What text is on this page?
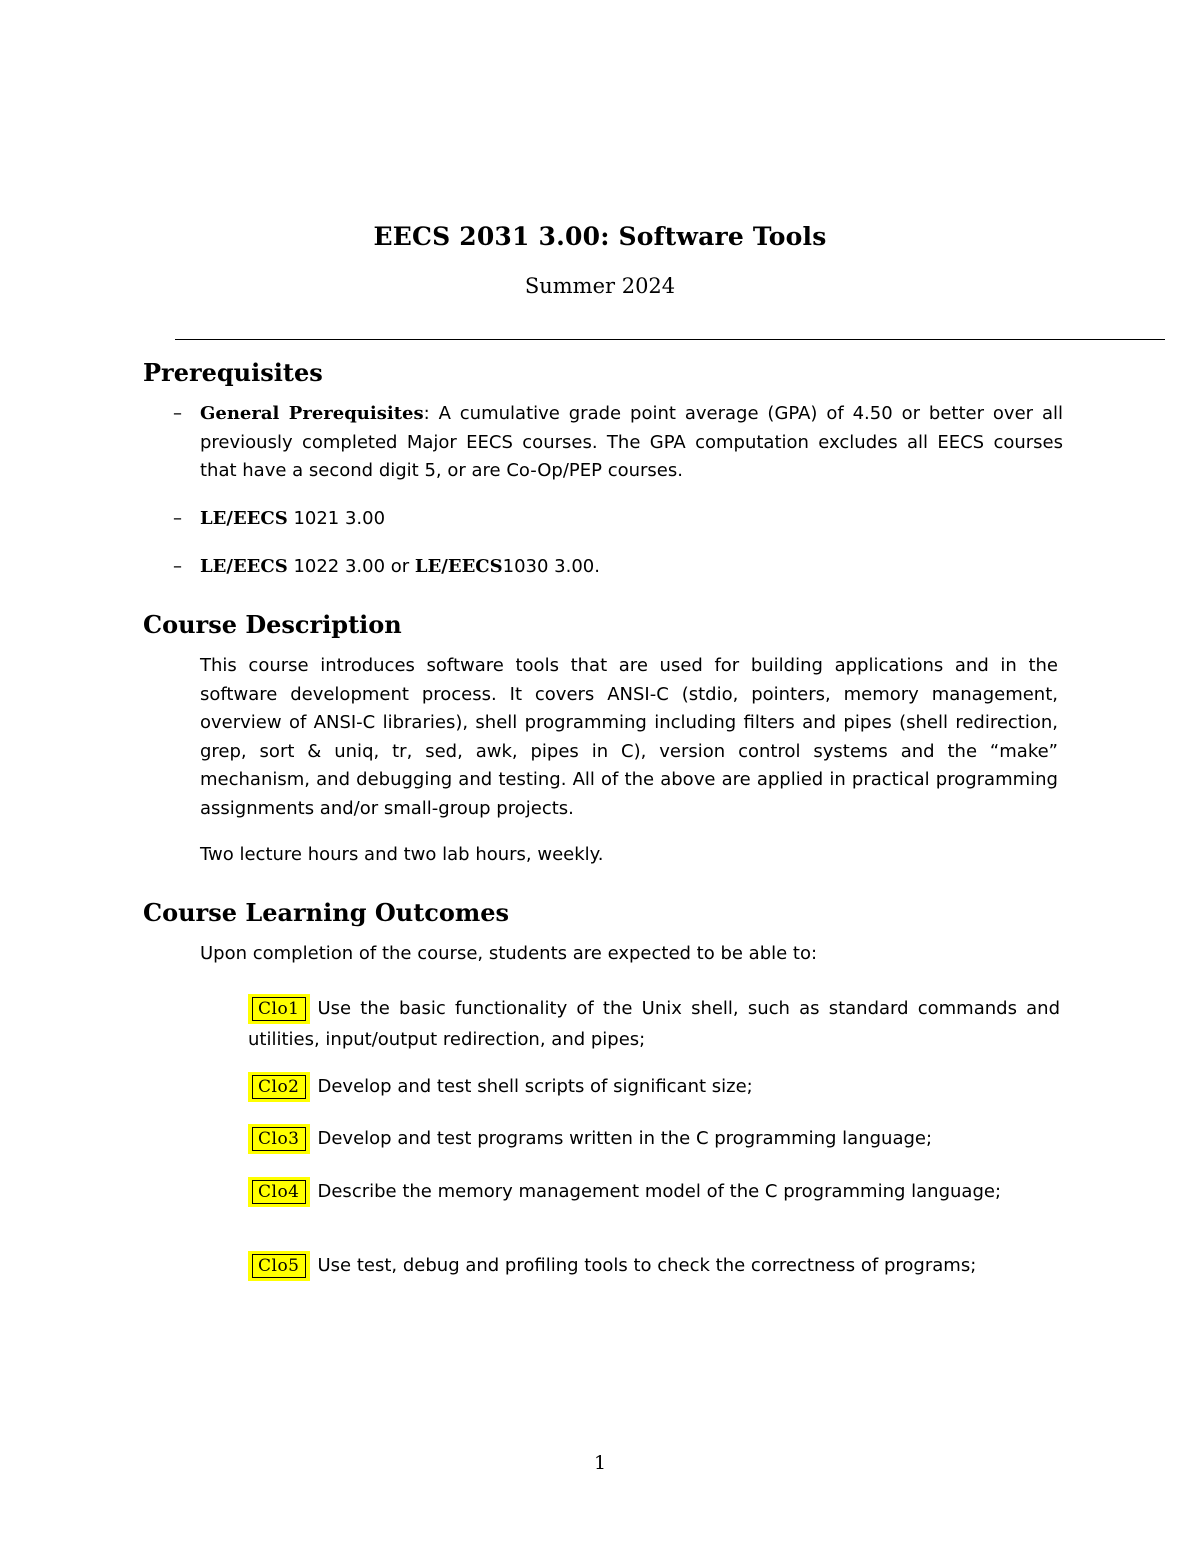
EECS 2031 3.00: Software Tools
Summer 2024
Prerequisites
– General Prerequisites: A cumulative grade point average (GPA) of 4.50 or better over all previously completed Major EECS courses. The GPA computation excludes all EECS courses that have a second digit 5, or are Co-Op/PEP courses.
– LE/EECS 1021 3.00
– LE/EECS 1022 3.00 or LE/EECS1030 3.00.
Course Description
This course introduces software tools that are used for building applications and in the software development process. It covers ANSI-C (stdio, pointers, memory management, overview of ANSI-C libraries), shell programming including filters and pipes (shell redirection, grep, sort & uniq, tr, sed, awk, pipes in C), version control systems and the “make” mechanism, and debugging and testing. All of the above are applied in practical programming assignments and/or small-group projects.
Two lecture hours and two lab hours, weekly.
Course Learning Outcomes
Upon completion of the course, students are expected to be able to:
Clo1 Use the basic functionality of the Unix shell, such as standard commands and utilities, input/output redirection, and pipes;
Clo2 Develop and test shell scripts of significant size;
Clo3 Develop and test programs written in the C programming language;
Clo4 Describe the memory management model of the C programming language;
Clo5 Use test, debug and profiling tools to check the correctness of programs;
1
